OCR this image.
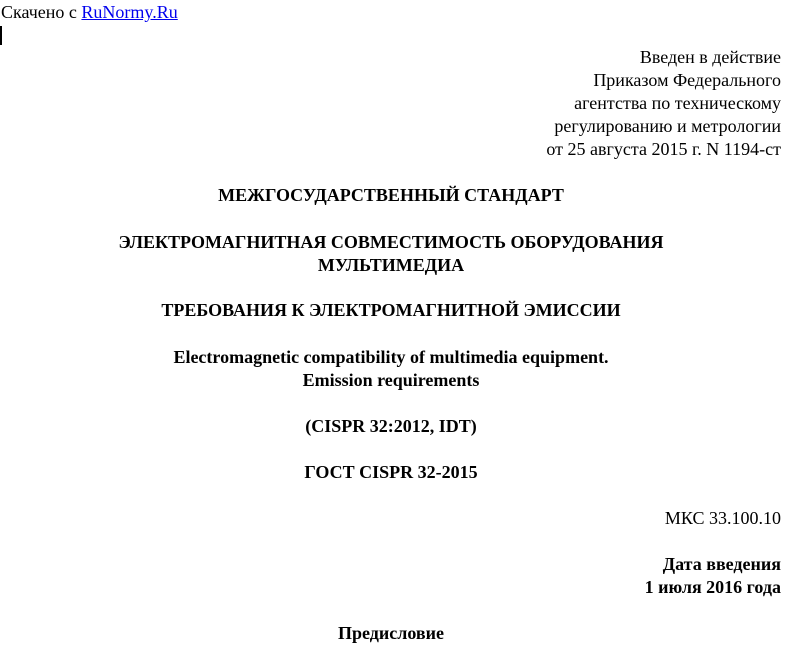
Скачено с RuNormy.Ru
Введен в действие
Приказом Федерального
агентства по техническому
регулированию и метрологии
от 25 августа 2015 г. N 1194-ст
МЕЖГОСУДАРСТВЕННЫЙ СТАНДАРТ
ЭЛЕКТРОМАГНИТНАЯ СОВМЕСТИМОСТЬ ОБОРУДОВАНИЯ
МУЛЬТИМЕДИА
ТРЕБОВАНИЯ К ЭЛЕКТРОМАГНИТНОЙ ЭМИССИИ
Electromagnetic compatibility of multimedia equipment.
Emission requirements
(CISPR 32:2012, IDT)
ГОСТ CISPR 32-2015
МКС 33.100.10
Дата введения
1 июля 2016 года
Предисловие
